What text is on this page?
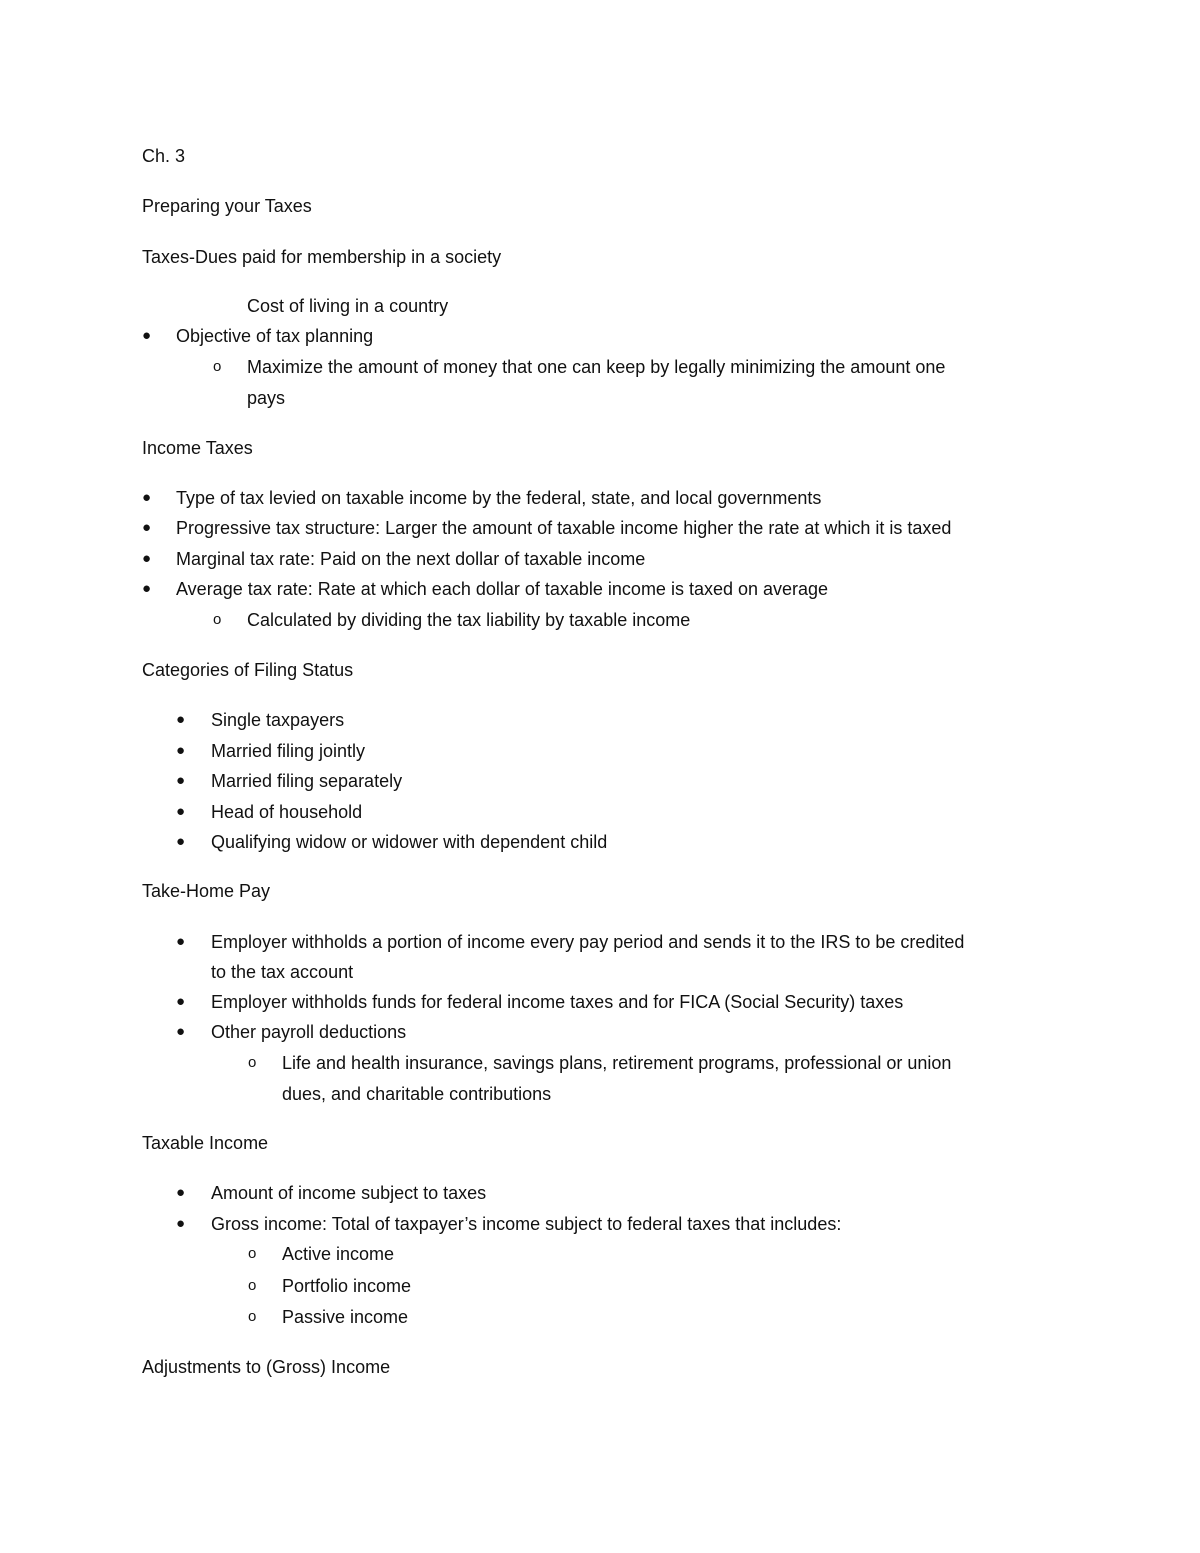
Ch. 3
Preparing your Taxes
Taxes-Dues paid for membership in a society
Cost of living in a country
● Objective of tax planning
o Maximize the amount of money that one can keep by legally minimizing the amount one
pays
Income Taxes
● Type of tax levied on taxable income by the federal, state, and local governments
● Progressive tax structure: Larger the amount of taxable income higher the rate at which it is taxed
● Marginal tax rate: Paid on the next dollar of taxable income
● Average tax rate: Rate at which each dollar of taxable income is taxed on average
o Calculated by dividing the tax liability by taxable income
Categories of Filing Status
● Single taxpayers
● Married filing jointly
● Married filing separately
● Head of household
● Qualifying widow or widower with dependent child
Take-Home Pay
● Employer withholds a portion of income every pay period and sends it to the IRS to be credited
to the tax account
● Employer withholds funds for federal income taxes and for FICA (Social Security) taxes
● Other payroll deductions
o Life and health insurance, savings plans, retirement programs, professional or union
dues, and charitable contributions
Taxable Income
● Amount of income subject to taxes
● Gross income: Total of taxpayer’s income subject to federal taxes that includes:
o Active income
o Portfolio income
o Passive income
Adjustments to (Gross) Income
